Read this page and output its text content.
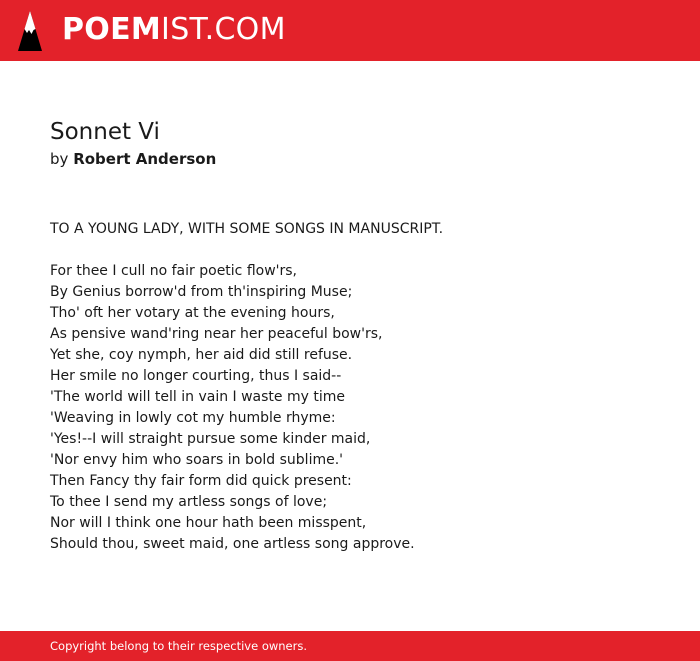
POEMIST.COM
Sonnet Vi
by Robert Anderson
TO A YOUNG LADY, WITH SOME SONGS IN MANUSCRIPT.
For thee I cull no fair poetic flow'rs,
By Genius borrow'd from th'inspiring Muse;
Tho' oft her votary at the evening hours,
As pensive wand'ring near her peaceful bow'rs,
Yet she, coy nymph, her aid did still refuse.
Her smile no longer courting, thus I said--
'The world will tell in vain I waste my time
'Weaving in lowly cot my humble rhyme:
'Yes!--I will straight pursue some kinder maid,
'Nor envy him who soars in bold sublime.'
Then Fancy thy fair form did quick present:
To thee I send my artless songs of love;
Nor will I think one hour hath been misspent,
Should thou, sweet maid, one artless song approve.
Copyright belong to their respective owners.
